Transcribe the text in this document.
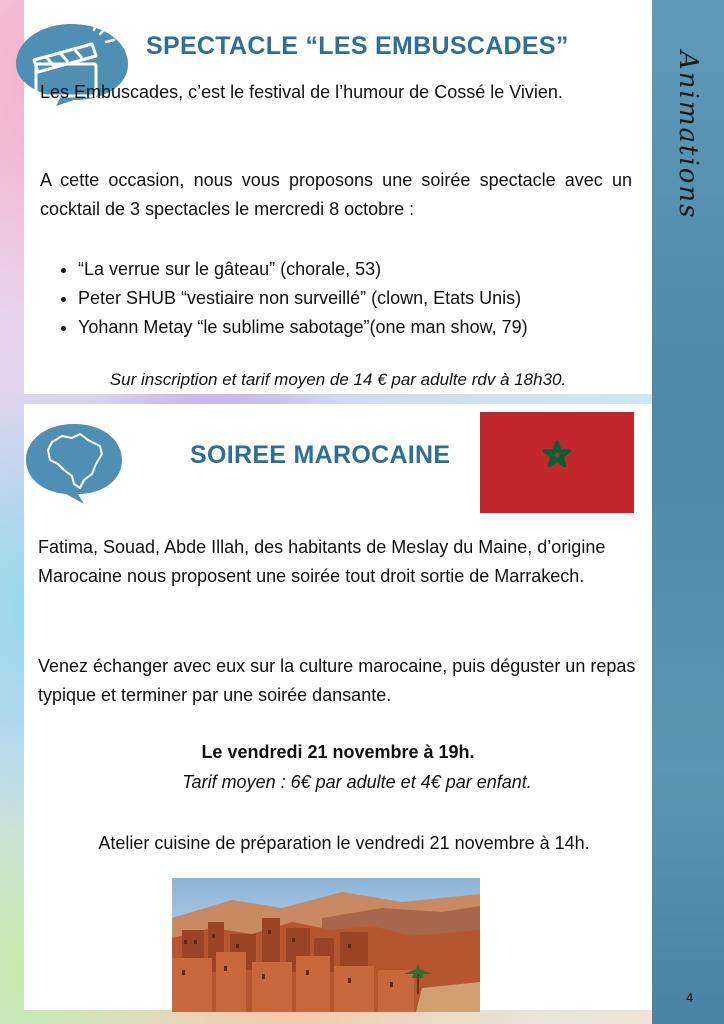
Animations
SPECTACLE “LES EMBUSCADES”
Les Embuscades, c’est le festival de l’humour de Cossé le Vivien.
A cette occasion, nous vous proposons une soirée spectacle avec un cocktail de 3 spectacles le mercredi 8 octobre :
• “La verrue sur le gâteau” (chorale, 53)
• Peter SHUB “vestiaire non surveillé” (clown, Etats Unis)
• Yohann Metay “le sublime sabotage”(one man show, 79)
Sur inscription et tarif moyen de 14 € par adulte rdv à 18h30.
SOIREE MAROCAINE
Fatima, Souad, Abde Illah, des habitants de Meslay du Maine, d’origine Marocaine nous proposent une soirée tout droit sortie de Marrakech.
Venez échanger avec eux sur la culture marocaine, puis déguster un repas typique et terminer par une soirée dansante.
Le vendredi 21 novembre à 19h.
Tarif moyen : 6€ par adulte et 4€ par enfant.
Atelier cuisine de préparation le vendredi 21 novembre à 14h.
4
